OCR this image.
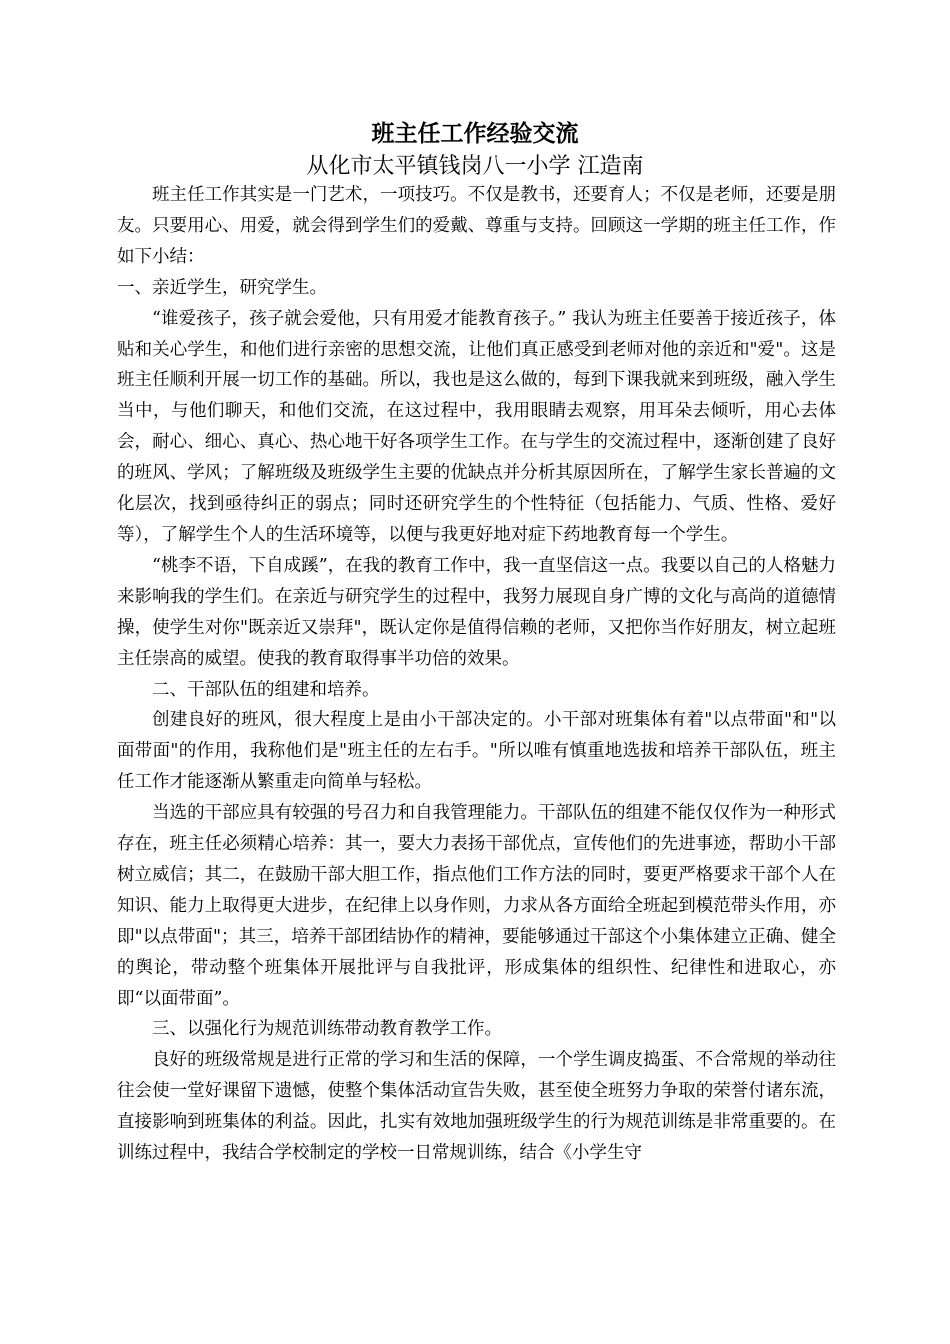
班主任工作经验交流
从化市太平镇钱岗八一小学 江造南

班主任工作其实是一门艺术，一项技巧。不仅是教书，还要育人；不仅是老师，还要是朋友。只要用心、用爱，就会得到学生们的爱戴、尊重与支持。回顾这一学期的班主任工作，作如下小结：

一、亲近学生，研究学生。

“谁爱孩子，孩子就会爱他，只有用爱才能教育孩子。” 我认为班主任要善于接近孩子，体贴和关心学生，和他们进行亲密的思想交流，让他们真正感受到老师对他的亲近和"爱"。这是班主任顺利开展一切工作的基础。所以，我也是这么做的，每到下课我就来到班级，融入学生当中，与他们聊天，和他们交流，在这过程中，我用眼睛去观察，用耳朵去倾听，用心去体会，耐心、细心、真心、热心地干好各项学生工作。在与学生的交流过程中，逐渐创建了良好的班风、学风；了解班级及班级学生主要的优缺点并分析其原因所在，了解学生家长普遍的文化层次，找到亟待纠正的弱点；同时还研究学生的个性特征（包括能力、气质、性格、爱好等），了解学生个人的生活环境等，以便与我更好地对症下药地教育每一个学生。

“桃李不语，下自成蹊”，在我的教育工作中，我一直坚信这一点。我要以自己的人格魅力来影响我的学生们。在亲近与研究学生的过程中，我努力展现自身广博的文化与高尚的道德情操，使学生对你"既亲近又崇拜"，既认定你是值得信赖的老师，又把你当作好朋友，树立起班主任崇高的威望。使我的教育取得事半功倍的效果。

二、干部队伍的组建和培养。

创建良好的班风，很大程度上是由小干部决定的。小干部对班集体有着"以点带面"和"以面带面"的作用，我称他们是"班主任的左右手。"所以唯有慎重地选拔和培养干部队伍，班主任工作才能逐渐从繁重走向简单与轻松。

当选的干部应具有较强的号召力和自我管理能力。干部队伍的组建不能仅仅作为一种形式存在，班主任必须精心培养：其一，要大力表扬干部优点，宣传他们的先进事迹，帮助小干部树立威信；其二，在鼓励干部大胆工作，指点他们工作方法的同时，要更严格要求干部个人在知识、能力上取得更大进步，在纪律上以身作则，力求从各方面给全班起到模范带头作用，亦即"以点带面"；其三，培养干部团结协作的精神，要能够通过干部这个小集体建立正确、健全的舆论，带动整个班集体开展批评与自我批评，形成集体的组织性、纪律性和进取心，亦即“以面带面”。

三、以强化行为规范训练带动教育教学工作。

良好的班级常规是进行正常的学习和生活的保障，一个学生调皮捣蛋、不合常规的举动往往会使一堂好课留下遗憾，使整个集体活动宣告失败，甚至使全班努力争取的荣誉付诸东流，直接影响到班集体的利益。因此，扎实有效地加强班级学生的行为规范训练是非常重要的。在训练过程中，我结合学校制定的学校一日常规训练，结合《小学生守
